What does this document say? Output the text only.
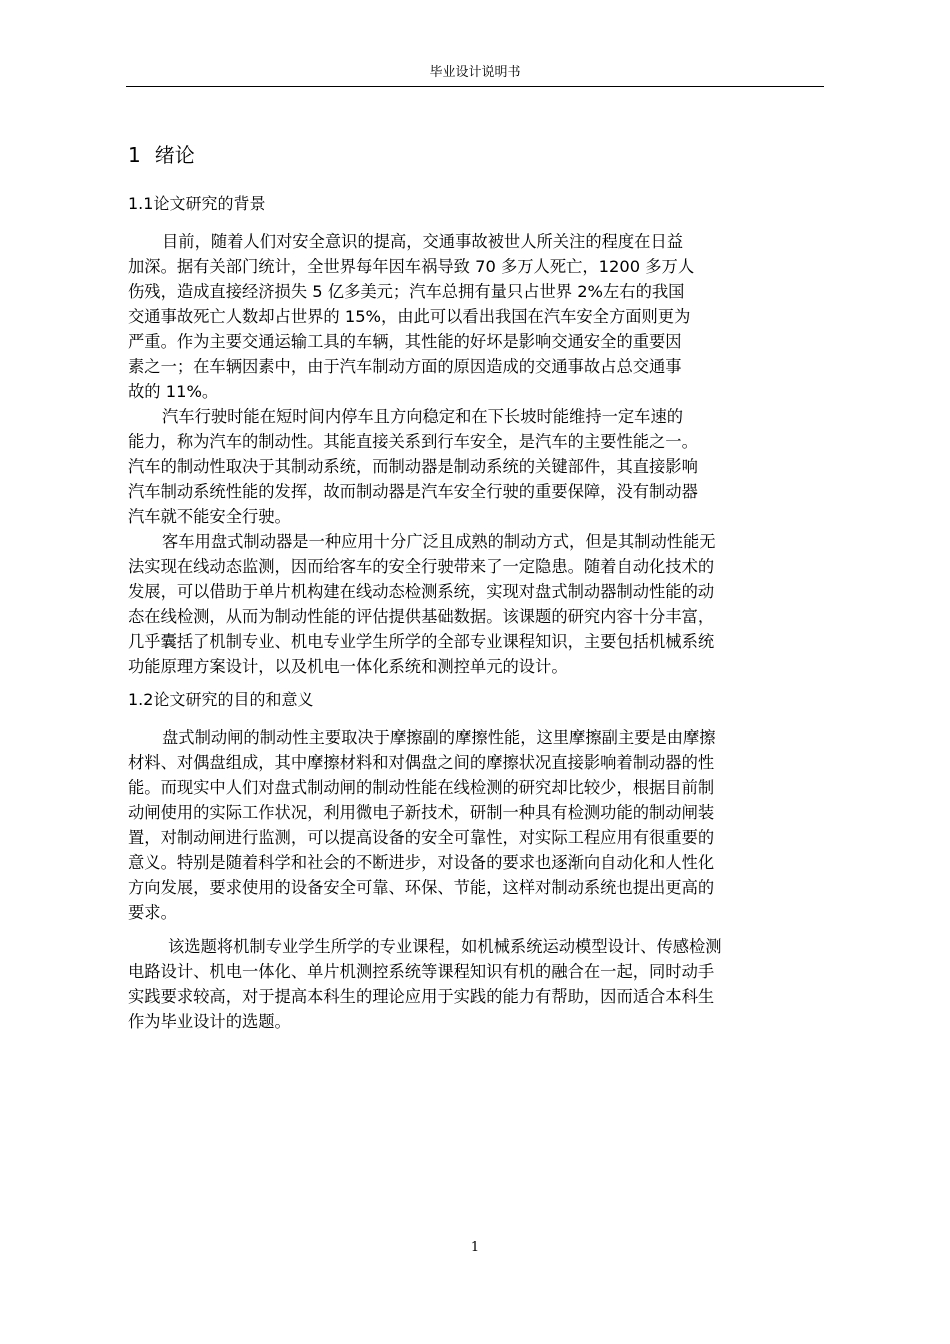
毕业设计说明书
1 绪论
1.1论文研究的背景
目前，随着人们对安全意识的提高，交通事故被世人所关注的程度在日益
加深。据有关部门统计，全世界每年因车祸导致 70 多万人死亡，1200 多万人
伤残，造成直接经济损失 5 亿多美元；汽车总拥有量只占世界 2%左右的我国
交通事故死亡人数却占世界的 15%，由此可以看出我国在汽车安全方面则更为
严重。作为主要交通运输工具的车辆，其性能的好坏是影响交通安全的重要因
素之一；在车辆因素中，由于汽车制动方面的原因造成的交通事故占总交通事
故的 11%。
汽车行驶时能在短时间内停车且方向稳定和在下长坡时能维持一定车速的
能力，称为汽车的制动性。其能直接关系到行车安全，是汽车的主要性能之一。
汽车的制动性取决于其制动系统，而制动器是制动系统的关键部件，其直接影响
汽车制动系统性能的发挥，故而制动器是汽车安全行驶的重要保障，没有制动器
汽车就不能安全行驶。
客车用盘式制动器是一种应用十分广泛且成熟的制动方式，但是其制动性能无
法实现在线动态监测，因而给客车的安全行驶带来了一定隐患。随着自动化技术的
发展，可以借助于单片机构建在线动态检测系统，实现对盘式制动器制动性能的动
态在线检测，从而为制动性能的评估提供基础数据。该课题的研究内容十分丰富，
几乎囊括了机制专业、机电专业学生所学的全部专业课程知识，主要包括机械系统
功能原理方案设计，以及机电一体化系统和测控单元的设计。
1.2论文研究的目的和意义
盘式制动闸的制动性主要取决于摩擦副的摩擦性能，这里摩擦副主要是由摩擦
材料、对偶盘组成，其中摩擦材料和对偶盘之间的摩擦状况直接影响着制动器的性
能。而现实中人们对盘式制动闸的制动性能在线检测的研究却比较少，根据目前制
动闸使用的实际工作状况，利用微电子新技术，研制一种具有检测功能的制动闸装
置，对制动闸进行监测，可以提高设备的安全可靠性，对实际工程应用有很重要的
意义。特别是随着科学和社会的不断进步，对设备的要求也逐渐向自动化和人性化
方向发展，要求使用的设备安全可靠、环保、节能，这样对制动系统也提出更高的
要求。
该选题将机制专业学生所学的专业课程，如机械系统运动模型设计、传感检测
电路设计、机电一体化、单片机测控系统等课程知识有机的融合在一起，同时动手
实践要求较高，对于提高本科生的理论应用于实践的能力有帮助，因而适合本科生
作为毕业设计的选题。
1
